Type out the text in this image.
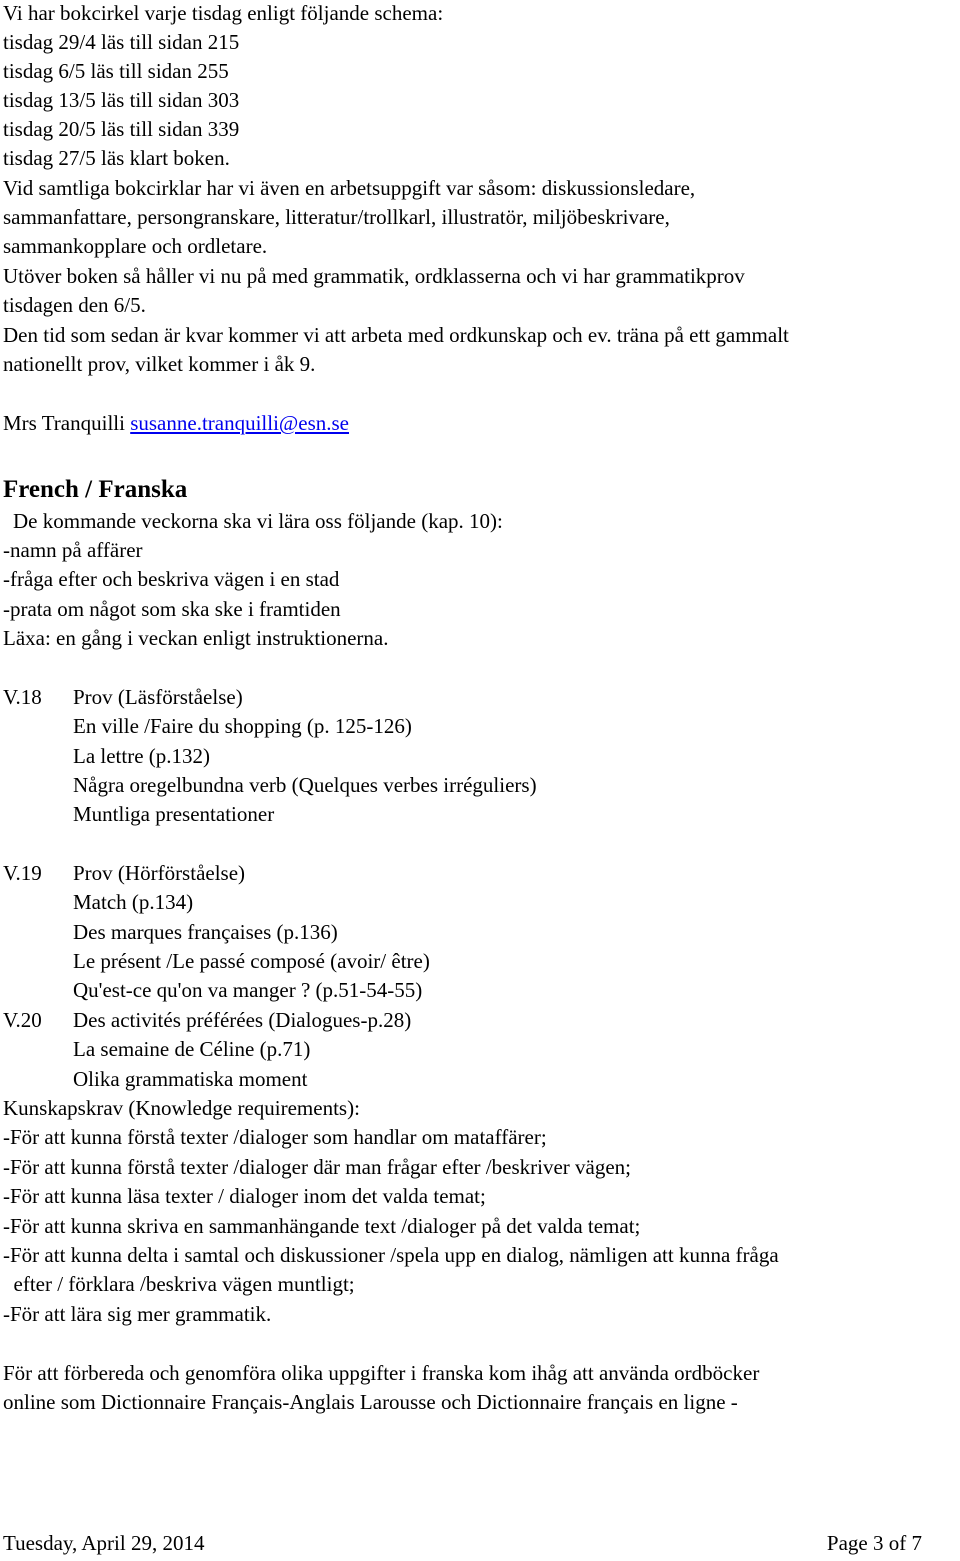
Vi har bokcirkel varje tisdag enligt följande schema:
tisdag 29/4 läs till sidan 215
tisdag 6/5 läs till sidan 255
tisdag 13/5 läs till sidan 303
tisdag 20/5 läs till sidan 339
tisdag 27/5 läs klart boken.
Vid samtliga bokcirklar har vi även en arbetsuppgift var såsom: diskussionsledare,
sammanfattare, persongranskare, litteratur/trollkarl, illustratör, miljöbeskrivare,
sammankopplare och ordletare.
Utöver boken så håller vi nu på med grammatik, ordklasserna och vi har grammatikprov
tisdagen den 6/5.
Den tid som sedan är kvar kommer vi att arbeta med ordkunskap och ev. träna på ett gammalt
nationellt prov, vilket kommer i åk 9.
Mrs Tranquilli susanne.tranquilli@esn.se
French / Franska
De kommande veckorna ska vi lära oss följande (kap. 10):
-namn på affärer
-fråga efter och beskriva vägen i en stad
-prata om något som ska ske i framtiden
Läxa: en gång i veckan enligt instruktionerna.
V.18 Prov (Läsförståelse)
En ville /Faire du shopping (p. 125-126)
La lettre (p.132)
Några oregelbundna verb (Quelques verbes irréguliers)
Muntliga presentationer
V.19 Prov (Hörförståelse)
Match (p.134)
Des marques françaises (p.136)
Le présent /Le passé composé (avoir/ être)
Qu'est-ce qu'on va manger ? (p.51-54-55)
V.20 Des activités préférées (Dialogues-p.28)
La semaine de Céline (p.71)
Olika grammatiska moment
Kunskapskrav (Knowledge requirements):
-För att kunna förstå texter /dialoger som handlar om mataffärer;
-För att kunna förstå texter /dialoger där man frågar efter /beskriver vägen;
-För att kunna läsa texter / dialoger inom det valda temat;
-För att kunna skriva en sammanhängande text /dialoger på det valda temat;
-För att kunna delta i samtal och diskussioner /spela upp en dialog, nämligen att kunna fråga
efter / förklara /beskriva vägen muntligt;
-För att lära sig mer grammatik.
För att förbereda och genomföra olika uppgifter i franska kom ihåg att använda ordböcker
online som Dictionnaire Français-Anglais Larousse och Dictionnaire français en ligne -
Tuesday, April 29, 2014	Page 3 of 7
